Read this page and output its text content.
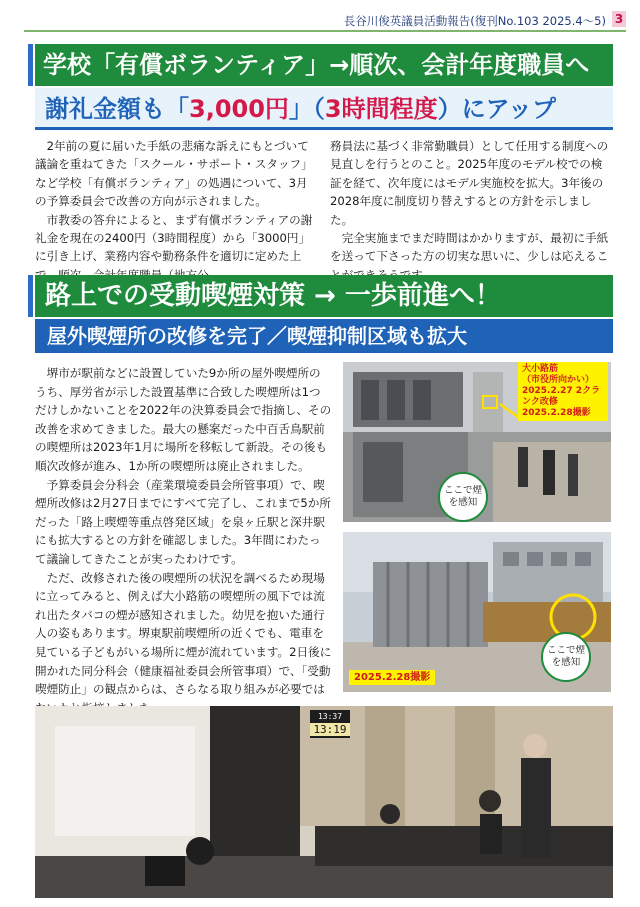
長谷川俊英議員活動報告(復刊No.103 2025.4～5) 3
学校「有償ボランティア」→順次、会計年度職員へ
謝礼金額も「3,000円」（3時間程度）にアップ

2年前の夏に届いた手紙の悲痛な訴えにもとづいて議論を重ねてきた「スクール・サポート・スタッフ」など学校「有償ボランティア」の処遇について、3月の予算委員会で改善の方向が示されました。

市教委の答弁によると、まず有償ボランティアの謝礼金を現在の2400円（3時間程度）から「3000円」に引き上げ、業務内容や勤務条件を適切に定めた上

務員法に基づく非常勤職員）として任用する制度への見直しを行うとのこと。2025年度のモデル校での検証を経て、次年度にはモデル実施校を拡大。3年後の2028年度に制度切り替えするとの方針を示しました。

完全実施までまだ時間はかかりますが、最初に手紙を送って下さった方の切実な思いに、少しは応えるこ

路上での受動喫煙対策 → 一歩前進へ！
屋外喫煙所の改修を完了／喫煙抑制区域も拡大

堺市が駅前などに設置していた9か所の屋外喫煙所のうち、厚労省が示した設置基準に合致した喫煙所は1つだけしかないことを2022年の決算委員会で指摘し、その改善を求めてきました。最大の懸案だった中百舌鳥駅前の喫煙所は2023年1月に場所を移転して新設。その後も順次改修が進み、1か所の喫煙所は廃止されました。

予算委員会分科会（産業環境委員会所管事項）で、喫煙所改修は2月27日までにすべて完了し、これまで5か所だった「路上喫煙等重点啓発区域」を泉ヶ丘駅と深井駅にも拡大するとの方針を確認しました。3年間にわたって議論してきたことが実ったわけです。

ただ、改修された後の喫煙所の状況を調べるため現場に立ってみると、例えば大小路筋の喫煙所の風下では流れ出たタバコの煙が感知されました。幼児を抱いた通行人の姿もあります。堺東駅前喫煙所の近くでも、電車を見ている子どもがいる場所に煙が流れています。2日後に開かれた同分科会（健康福祉委員会所管事項）で、「受動喫煙防止」の観点からは、さらなる取り組みが必要では

大小路筋
（市役所向かい）
2025.2.27 2クランク改修
2025.2.28撮影
ここで煙を感知
ここで煙を感知
2025.2.28撮影
13:37
13:19
